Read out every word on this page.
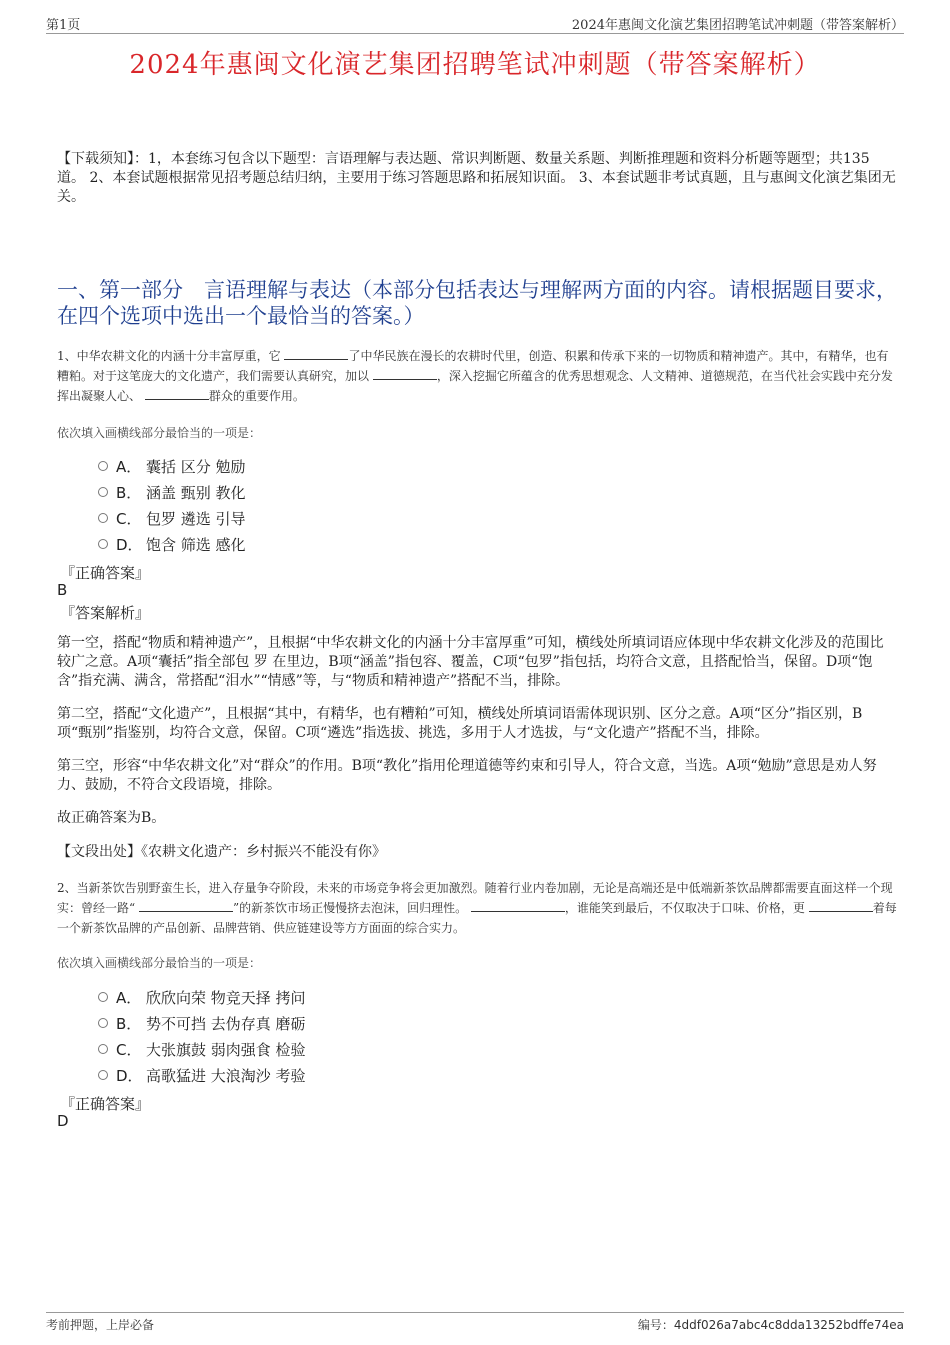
第1页	2024年惠闽文化演艺集团招聘笔试冲刺题（带答案解析）
2024年惠闽文化演艺集团招聘笔试冲刺题（带答案解析）
【下载须知】：1，本套练习包含以下题型：言语理解与表达题、常识判断题、数量关系题、判断推理题和资料分析题等题型；共135道。 2、本套试题根据常见招考题总结归纳，主要用于练习答题思路和拓展知识面。 3、本套试题非考试真题，且与惠闽文化演艺集团无关。
一、第一部分　言语理解与表达（本部分包括表达与理解两方面的内容。请根据题目要求，在四个选项中选出一个最恰当的答案。）
1、中华农耕文化的内涵十分丰富厚重，它	了中华民族在漫长的农耕时代里，创造、积累和传承下来的一切物质和精神遗产。其中，有精华，也有糟粕。对于这笔庞大的文化遗产，我们需要认真研究，加以	，深入挖掘它所蕴含的优秀思想观念、人文精神、道德规范，在当代社会实践中充分发挥出凝聚人心、	群众的重要作用。
依次填入画横线部分最恰当的一项是：
A． 囊括 区分 勉励
B． 涵盖 甄别 教化
C． 包罗 遴选 引导
D． 饱含 筛选 感化
『正确答案』
B
『答案解析』
第一空，搭配“物质和精神遗产”，且根据“中华农耕文化的内涵十分丰富厚重”可知，横线处所填词语应体现中华农耕文化涉及的范围比较广之意。A项“囊括”指全部包 罗 在里边，B项“涵盖”指包容、覆盖，C项“包罗”指包括，均符合文意，且搭配恰当，保留。D项“饱含”指充满、满含，常搭配“泪水”“情感”等，与“物质和精神遗产”搭配不当，排除。
第二空，搭配“文化遗产”，且根据“其中，有精华，也有糟粕”可知，横线处所填词语需体现识别、区分之意。A项“区分”指区别，B项“甄别”指鉴别，均符合文意，保留。C项“遴选”指选拔、挑选，多用于人才选拔，与“文化遗产”搭配不当，排除。
第三空，形容“中华农耕文化”对“群众”的作用。B项“教化”指用伦理道德等约束和引导人，符合文意，当选。A项“勉励”意思是劝人努力、鼓励，不符合文段语境，排除。
故正确答案为B。
【文段出处】《农耕文化遗产：乡村振兴不能没有你》
2、当新茶饮告别野蛮生长，进入存量争夺阶段，未来的市场竞争将会更加激烈。随着行业内卷加剧，无论是高端还是中低端新茶饮品牌都需要直面这样一个现实：曾经一路“	”的新茶饮市场正慢慢挤去泡沫，回归理性。	，谁能笑到最后，不仅取决于口味、价格，更	着每一个新茶饮品牌的产品创新、品牌营销、供应链建设等方方面面的综合实力。
依次填入画横线部分最恰当的一项是：
A． 欣欣向荣 物竞天择 拷问
B． 势不可挡 去伪存真 磨砺
C． 大张旗鼓 弱肉强食 检验
D． 高歌猛进 大浪淘沙 考验
『正确答案』
D
考前押题，上岸必备	编号：4ddf026a7abc4c8dda13252bdffe74ea
